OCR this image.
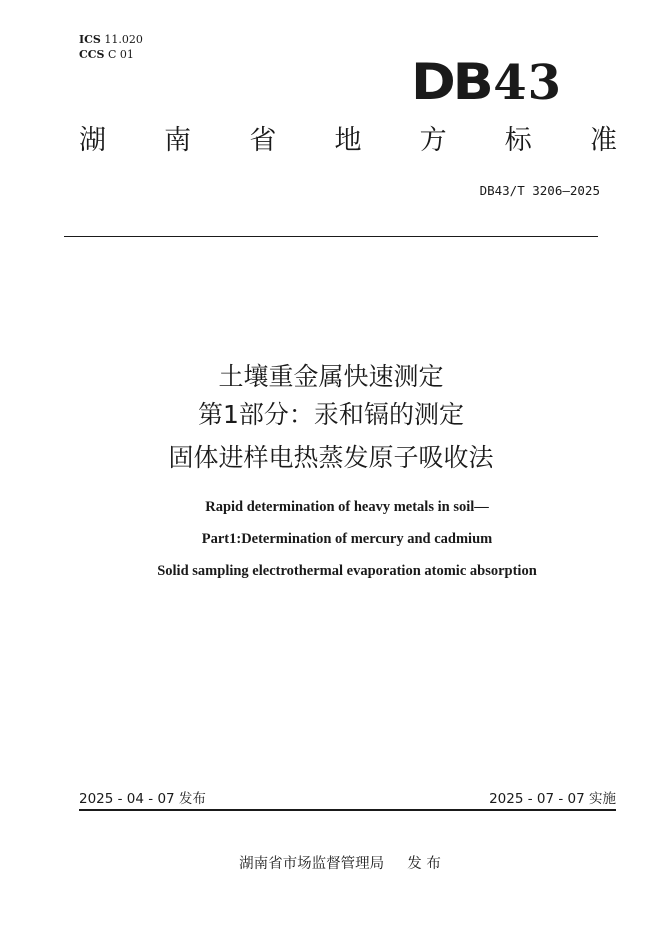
ICS 11.020
CCS C 01	DB43
湖 南 省 地 方 标 准
DB43/T 3206—2025
土壤重金属快速测定
第1部分：汞和镉的测定
固体进样电热蒸发原子吸收法
Rapid determination of heavy metals in soil—
Part1:Determination of mercury and cadmium
Solid sampling electrothermal evaporation atomic absorption
2025 - 04 - 07 发布	2025 - 07 - 07 实施
湖南省市场监督管理局     发 布
